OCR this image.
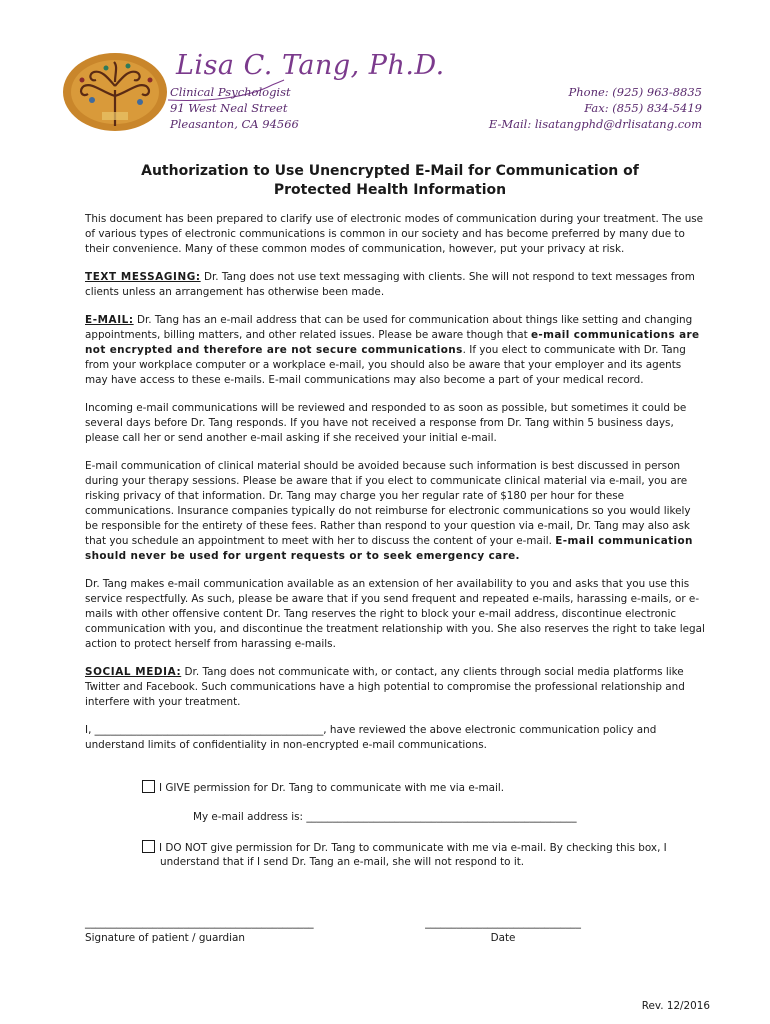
Lisa C. Tang, Ph.D.
Clinical Psychologist
91 West Neal Street
Pleasanton, CA 94566
Phone: (925) 963-8835
Fax: (855) 834-5419
E-Mail: lisatangphd@drlisatang.com
Authorization to Use Unencrypted E-Mail for Communication of
Protected Health Information

This document has been prepared to clarify use of electronic modes of communication during your treatment. The use of various types of electronic communications is common in our society and has become preferred by many due to their convenience. Many of these common modes of communication, however, put your privacy at risk.

TEXT MESSAGING: Dr. Tang does not use text messaging with clients. She will not respond to text messages from clients unless an arrangement has otherwise been made.

E-MAIL: Dr. Tang has an e-mail address that can be used for communication about things like setting and changing appointments, billing matters, and other related issues. Please be aware though that e-mail communications are not encrypted and therefore are not secure communications. If you elect to communicate with Dr. Tang from your workplace computer or a workplace e-mail, you should also be aware that your employer and its agents may have access to these e-mails. E-mail communications may also become a part of your medical record.

Incoming e-mail communications will be reviewed and responded to as soon as possible, but sometimes it could be several days before Dr. Tang responds. If you have not received a response from Dr. Tang within 5 business days, please call her or send another e-mail asking if she received your initial e-mail.

E-mail communication of clinical material should be avoided because such information is best discussed in person during your therapy sessions. Please be aware that if you elect to communicate clinical material via e-mail, you are risking privacy of that information. Dr. Tang may charge you her regular rate of $180 per hour for these communications. Insurance companies typically do not reimburse for electronic communications so you would likely be responsible for the entirety of these fees. Rather than respond to your question via e-mail, Dr. Tang may also ask that you schedule an appointment to meet with her to discuss the content of your e-mail. E-mail communication should never be used for urgent requests or to seek emergency care.

Dr. Tang makes e-mail communication available as an extension of her availability to you and asks that you use this service respectfully. As such, please be aware that if you send frequent and repeated e-mails, harassing e-mails, or e-mails with other offensive content Dr. Tang reserves the right to block your e-mail address, discontinue electronic communication with you, and discontinue the treatment relationship with you. She also reserves the right to take legal action to protect herself from harassing e-mails.

SOCIAL MEDIA: Dr. Tang does not communicate with, or contact, any clients through social media platforms like Twitter and Facebook. Such communications have a high potential to compromise the professional relationship and interfere with your treatment.

I, ____________________________________________, have reviewed the above electronic communication policy and understand limits of confidentiality in non-encrypted e-mail communications.

I GIVE permission for Dr. Tang to communicate with me via e-mail.
My e-mail address is: ____________________________________________________
I DO NOT give permission for Dr. Tang to communicate with me via e-mail. By checking this box, I
understand that if I send Dr. Tang an e-mail, she will not respond to it.
____________________________________________
Signature of patient / guardian
______________________________
Date
Rev. 12/2016
